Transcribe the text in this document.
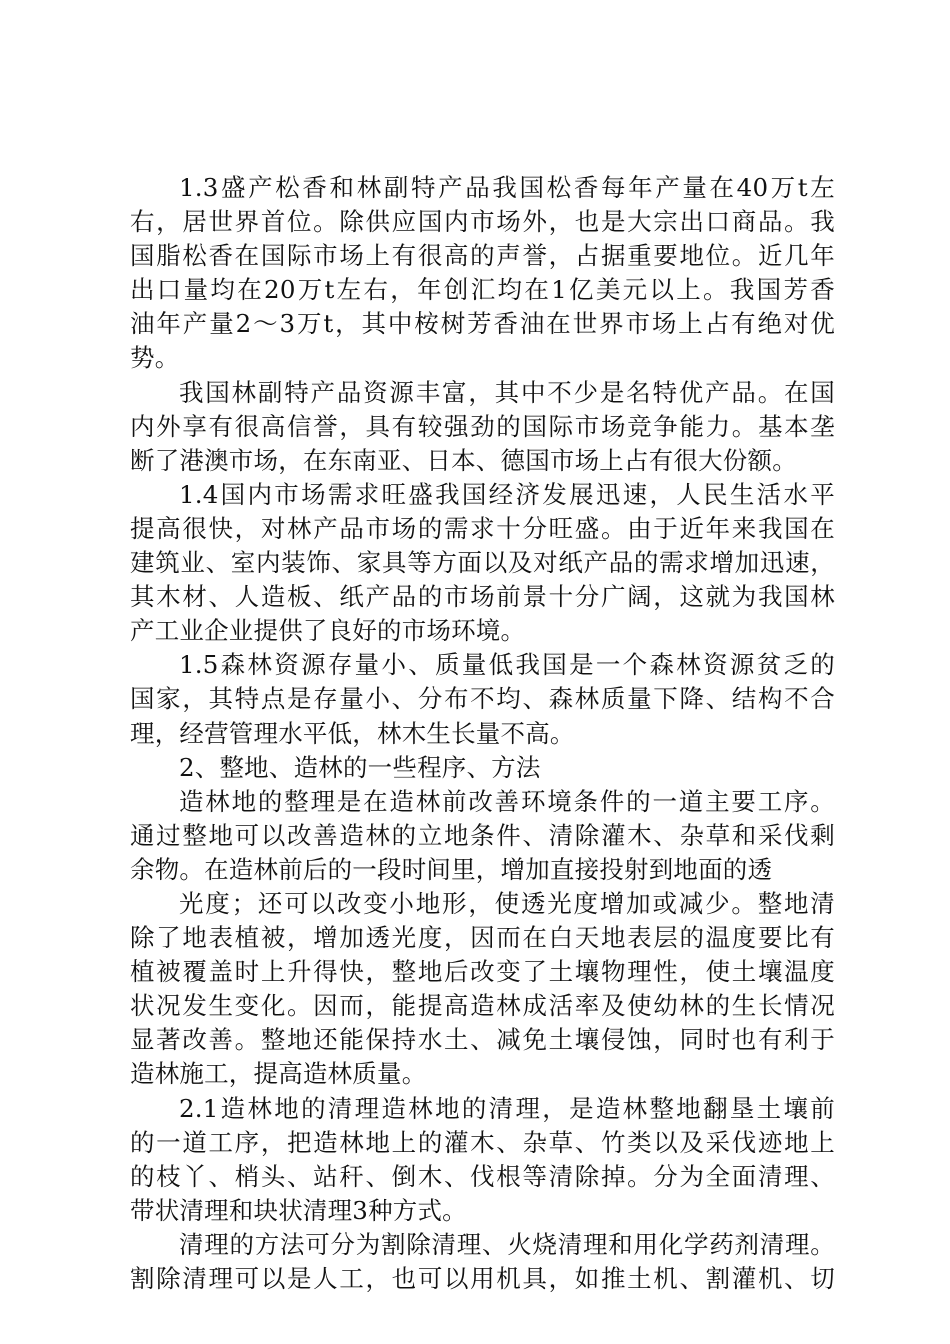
1.3盛产松香和林副特产品我国松香每年产量在40万t左
右，居世界首位。除供应国内市场外，也是大宗出口商品。我
国脂松香在国际市场上有很高的声誉，占据重要地位。近几年
出口量均在20万t左右，年创汇均在1亿美元以上。我国芳香
油年产量2～3万t，其中桉树芳香油在世界市场上占有绝对优
势。
我国林副特产品资源丰富，其中不少是名特优产品。在国
内外享有很高信誉，具有较强劲的国际市场竞争能力。基本垄
断了港澳市场，在东南亚、日本、德国市场上占有很大份额。
1.4国内市场需求旺盛我国经济发展迅速，人民生活水平
提高很快，对林产品市场的需求十分旺盛。由于近年来我国在
建筑业、室内装饰、家具等方面以及对纸产品的需求增加迅速，
其木材、人造板、纸产品的市场前景十分广阔，这就为我国林
产工业企业提供了良好的市场环境。
1.5森林资源存量小、质量低我国是一个森林资源贫乏的
国家，其特点是存量小、分布不均、森林质量下降、结构不合
理，经营管理水平低，林木生长量不高。
2、整地、造林的一些程序、方法
造林地的整理是在造林前改善环境条件的一道主要工序。
通过整地可以改善造林的立地条件、清除灌木、杂草和采伐剩
余物。在造林前后的一段时间里，增加直接投射到地面的透
光度；还可以改变小地形，使透光度增加或减少。整地清
除了地表植被，增加透光度，因而在白天地表层的温度要比有
植被覆盖时上升得快，整地后改变了土壤物理性，使土壤温度
状况发生变化。因而，能提高造林成活率及使幼林的生长情况
显著改善。整地还能保持水土、减免土壤侵蚀，同时也有利于
造林施工，提高造林质量。
2.1造林地的清理造林地的清理，是造林整地翻垦土壤前
的一道工序，把造林地上的灌木、杂草、竹类以及采伐迹地上
的枝丫、梢头、站秆、倒木、伐根等清除掉。分为全面清理、
带状清理和块状清理3种方式。
清理的方法可分为割除清理、火烧清理和用化学药剂清理。
割除清理可以是人工，也可以用机具，如推土机、割灌机、切
